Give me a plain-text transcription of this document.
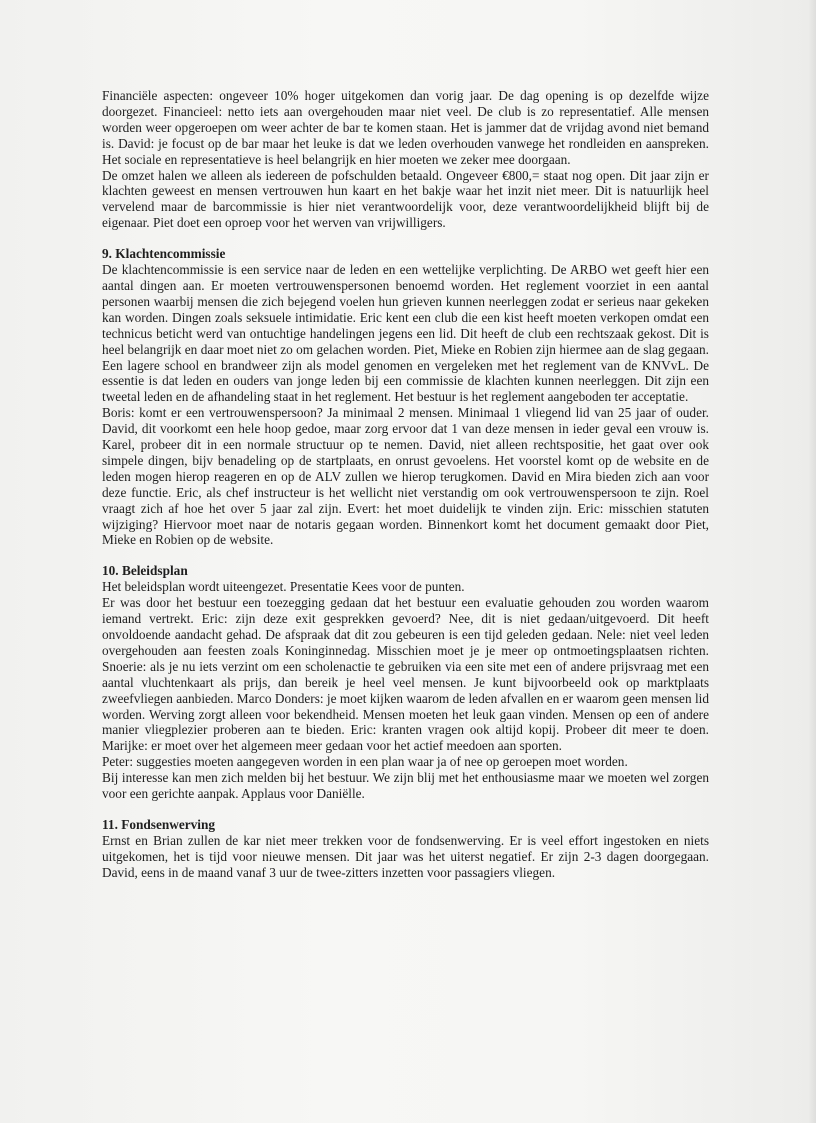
Financiële aspecten: ongeveer 10% hoger uitgekomen dan vorig jaar. De dag opening is op dezelfde wijze doorgezet. Financieel: netto iets aan overgehouden maar niet veel. De club is zo representatief. Alle mensen worden weer opgeroepen om weer achter de bar te komen staan. Het is jammer dat de vrijdag avond niet bemand is. David: je focust op de bar maar het leuke is dat we leden overhouden vanwege het rondleiden en aanspreken. Het sociale en representatieve is heel belangrijk en hier moeten we zeker mee doorgaan.

De omzet halen we alleen als iedereen de pofschulden betaald. Ongeveer €800,= staat nog open. Dit jaar zijn er klachten geweest en mensen vertrouwen hun kaart en het bakje waar het inzit niet meer. Dit is natuurlijk heel vervelend maar de barcommissie is hier niet verantwoordelijk voor, deze verantwoordelijkheid blijft bij de eigenaar. Piet doet een oproep voor het werven van vrijwilligers.

9. Klachtencommissie

De klachtencommissie is een service naar de leden en een wettelijke verplichting. De ARBO wet geeft hier een aantal dingen aan. Er moeten vertrouwenspersonen benoemd worden. Het reglement voorziet in een aantal personen waarbij mensen die zich bejegend voelen hun grieven kunnen neerleggen zodat er serieus naar gekeken kan worden. Dingen zoals seksuele intimidatie. Eric kent een club die een kist heeft moeten verkopen omdat een technicus beticht werd van ontuchtige handelingen jegens een lid. Dit heeft de club een rechtszaak gekost. Dit is heel belangrijk en daar moet niet zo om gelachen worden. Piet, Mieke en Robien zijn hiermee aan de slag gegaan. Een lagere school en brandweer zijn als model genomen en vergeleken met het reglement van de KNVvL. De essentie is dat leden en ouders van jonge leden bij een commissie de klachten kunnen neerleggen. Dit zijn een tweetal leden en de afhandeling staat in het reglement. Het bestuur is het reglement aangeboden ter acceptatie.

Boris: komt er een vertrouwenspersoon? Ja minimaal 2 mensen. Minimaal 1 vliegend lid van 25 jaar of ouder. David, dit voorkomt een hele hoop gedoe, maar zorg ervoor dat 1 van deze mensen in ieder geval een vrouw is. Karel, probeer dit in een normale structuur op te nemen. David, niet alleen rechtspositie, het gaat over ook simpele dingen, bijv benadeling op de startplaats, en onrust gevoelens. Het voorstel komt op de website en de leden mogen hierop reageren en op de ALV zullen we hierop terugkomen. David en Mira bieden zich aan voor deze functie. Eric, als chef instructeur is het wellicht niet verstandig om ook vertrouwenspersoon te zijn. Roel vraagt zich af hoe het over 5 jaar zal zijn. Evert: het moet duidelijk te vinden zijn. Eric: misschien statuten wijziging? Hiervoor moet naar de notaris gegaan worden. Binnenkort komt het document gemaakt door Piet, Mieke en Robien op de website.

10. Beleidsplan

Het beleidsplan wordt uiteengezet. Presentatie Kees voor de punten.

Er was door het bestuur een toezegging gedaan dat het bestuur een evaluatie gehouden zou worden waarom iemand vertrekt. Eric: zijn deze exit gesprekken gevoerd? Nee, dit is niet gedaan/uitgevoerd. Dit heeft onvoldoende aandacht gehad. De afspraak dat dit zou gebeuren is een tijd geleden gedaan. Nele: niet veel leden overgehouden aan feesten zoals Koninginnedag. Misschien moet je je meer op ontmoetingsplaatsen richten. Snoerie: als je nu iets verzint om een scholenactie te gebruiken via een site met een of andere prijsvraag met een aantal vluchtenkaart als prijs, dan bereik je heel veel mensen. Je kunt bijvoorbeeld ook op marktplaats zweefvliegen aanbieden. Marco Donders: je moet kijken waarom de leden afvallen en er waarom geen mensen lid worden. Werving zorgt alleen voor bekendheid. Mensen moeten het leuk gaan vinden. Mensen op een of andere manier vliegplezier proberen aan te bieden. Eric: kranten vragen ook altijd kopij. Probeer dit meer te doen. Marijke: er moet over het algemeen meer gedaan voor het actief meedoen aan sporten.

Peter: suggesties moeten aangegeven worden in een plan waar ja of nee op geroepen moet worden.

Bij interesse kan men zich melden bij het bestuur. We zijn blij met het enthousiasme maar we moeten wel zorgen voor een gerichte aanpak. Applaus voor Daniëlle.

11. Fondsenwerving

Ernst en Brian zullen de kar niet meer trekken voor de fondsenwerving. Er is veel effort ingestoken en niets uitgekomen, het is tijd voor nieuwe mensen. Dit jaar was het uiterst negatief. Er zijn 2-3 dagen doorgegaan. David, eens in de maand vanaf 3 uur de twee-zitters inzetten voor passagiers vliegen.
